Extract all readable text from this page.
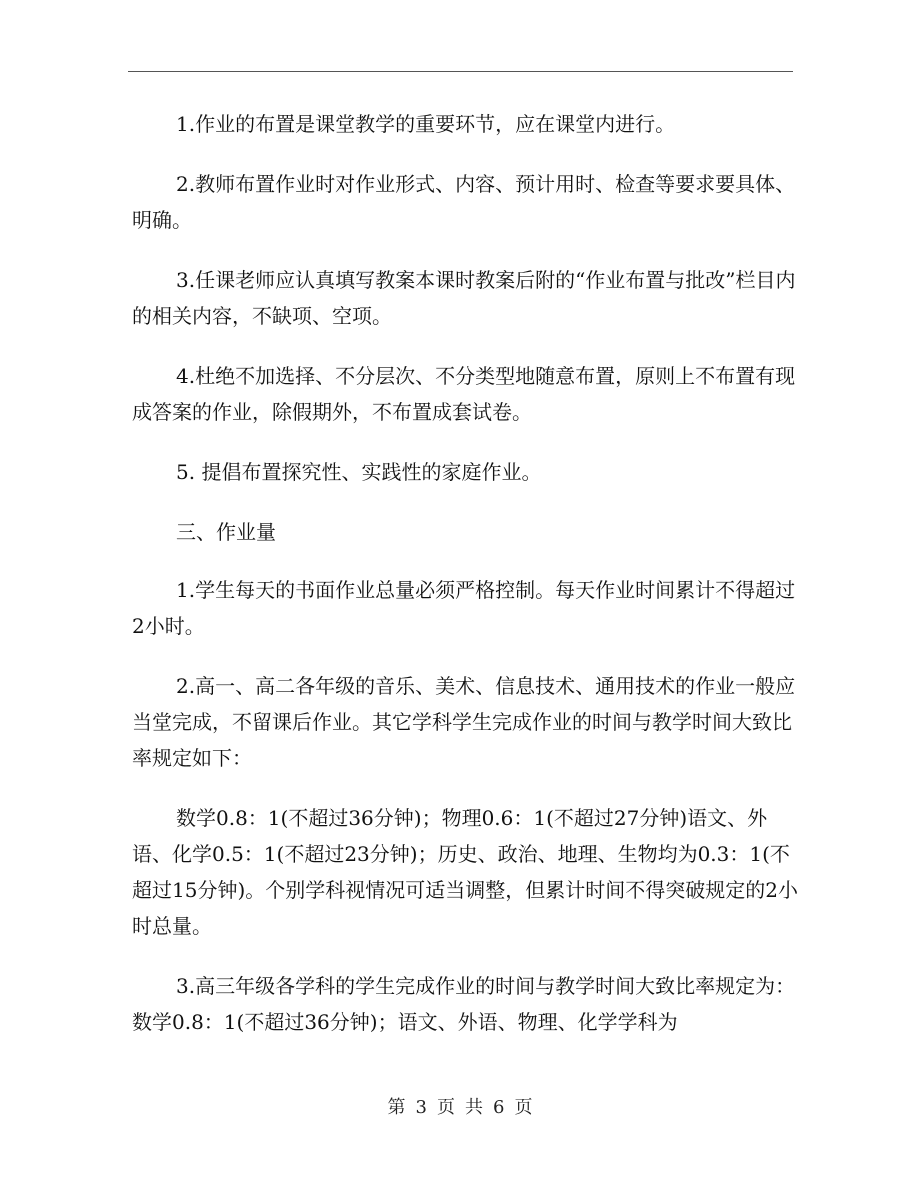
1.作业的布置是课堂教学的重要环节，应在课堂内进行。

2.教师布置作业时对作业形式、内容、预计用时、检查等要求要具体、明确。

3.任课老师应认真填写教案本课时教案后附的“作业布置与批改”栏目内的相关内容，不缺项、空项。

4.杜绝不加选择、不分层次、不分类型地随意布置，原则上不布置有现成答案的作业，除假期外，不布置成套试卷。

5. 提倡布置探究性、实践性的家庭作业。

三、作业量

1.学生每天的书面作业总量必须严格控制。每天作业时间累计不得超过2小时。

2.高一、高二各年级的音乐、美术、信息技术、通用技术的作业一般应当堂完成，不留课后作业。其它学科学生完成作业的时间与教学时间大致比率规定如下：

数学0.8：1(不超过36分钟)；物理0.6：1(不超过27分钟)语文、外语、化学0.5：1(不超过23分钟)；历史、政治、地理、生物均为0.3：1(不超过15分钟)。个别学科视情况可适当调整，但累计时间不得突破规定的2小时总量。

3.高三年级各学科的学生完成作业的时间与教学时间大致比率规定为：数学0.8：1(不超过36分钟)；语文、外语、物理、化学学科为

第 3 页 共 6 页
